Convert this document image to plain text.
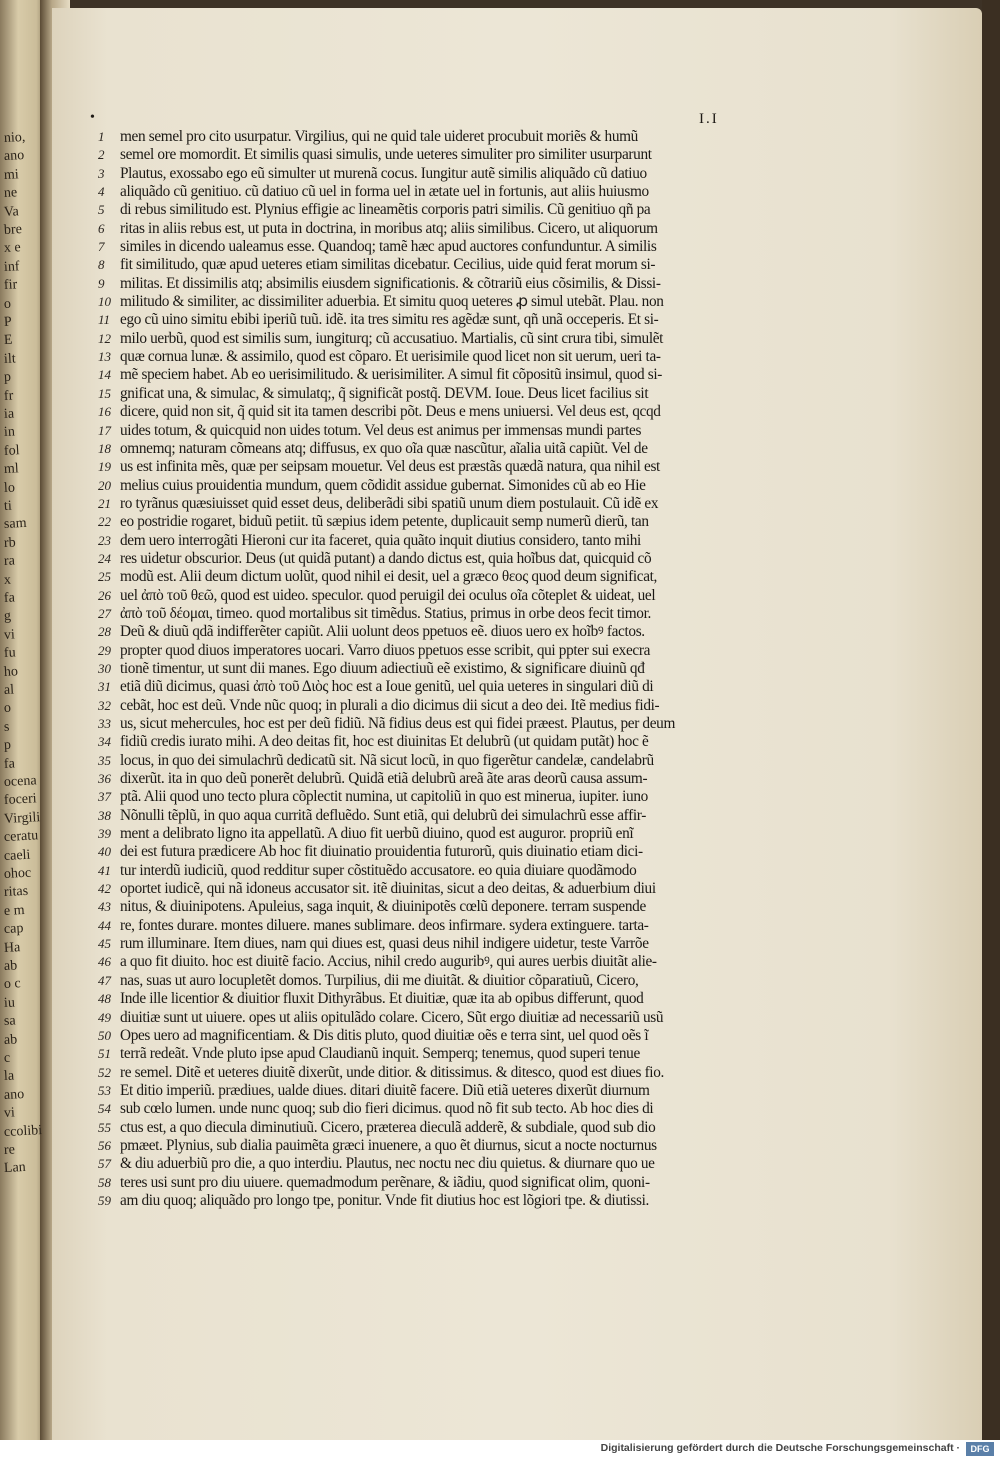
nio,
ano
mi
ne
Va
bre
x e
inf
fir
o
P
E
ilt
p
fr
ia
in
fol
ml
lo
ti
sam
rb
ra
x
fa
g
vi
fu
ho
al
o
s
p
fa
ocena
foceri
Virgili
ceratu
caeli
ohoc
ritas
e m
cap
Ha
ab
o c
iu
sa
ab
c
la
ano
vi
ccolibi
re
Lan
•	I.I
1	men semel pro cito usurpatur. Virgilius, qui ne quid tale uideret procubuit moriẽs & humũ
2	semel ore momordit. Et similis quasi simulis, unde ueteres simuliter pro similiter usurparunt
3	Plautus, exossabo ego eũ simulter ut murenã cocus. Iungitur autẽ similis aliquãdo cũ datiuo
4	aliquãdo cũ genitiuo. cũ datiuo cũ uel in forma uel in ætate uel in fortunis, aut aliis huiusmo
5	di rebus similitudo est. Plynius effigie ac lineamẽtis corporis patri similis. Cũ genitiuo qñ pa
6	ritas in aliis rebus est, ut puta in doctrina, in moribus atq; aliis similibus. Cicero, ut aliquorum
7	similes in dicendo ualeamus esse. Quandoq; tamẽ hæc apud auctores confunduntur. A similis
8	fit similitudo, quæ apud ueteres etiam similitas dicebatur. Cecilius, uide quid ferat morum si-
9	militas. Et dissimilis atq; absimilis eiusdem significationis. & cõtrariũ eius cõsimilis, & Dissi-
10 militudo & similiter, ac dissimiliter aduerbia. Et simitu quoq ueteres ꝓ simul utebãt. Plau. non
11 ego cũ uino simitu ebibi iperiũ tuũ. idẽ. ita tres simitu res agẽdæ sunt, qñ unã occeperis. Et si-
12 milo uerbũ, quod est similis sum, iungiturq; cũ accusatiuo. Martialis, cũ sint crura tibi, simulẽt
13 quæ cornua lunæ. & assimilo, quod est cõparo. Et uerisimile quod licet non sit uerum, ueri ta-
14 mẽ speciem habet. Ab eo uerisimilitudo. & uerisimiliter. A simul fit cõpositũ insimul, quod si-
15 gnificat una, & simulac, & simulatq;, q̃ significãt postq̃. DEVM. Ioue. Deus licet facilius sit
16 dicere, quid non sit, q̃ quid sit ita tamen describi põt. Deus e mens uniuersi. Vel deus est, qcqd
17 uides totum, & quicquid non uides totum. Vel deus est animus per immensas mundi partes
18 omnemq; naturam cõmeans atq; diffusus, ex quo oĩa quæ nascũtur, aĩalia uitã capiũt. Vel de
19 us est infinita mẽs, quæ per seipsam mouetur. Vel deus est præstãs quædã natura, qua nihil est
20 melius cuius prouidentia mundum, quem cõdidit assidue gubernat. Simonides cũ ab eo Hie
21 ro tyrãnus quæsiuisset quid esset deus, deliberãdi sibi spatiũ unum diem postulauit. Cũ idẽ ex
22 eo postridie rogaret, biduũ petiit. tũ sæpius idem petente, duplicauit semp numerũ dierũ, tan
23 dem uero interrogãti Hieroni cur ita faceret, quia quãto inquit diutius considero, tanto mihi
24 res uidetur obscurior. Deus (ut quidã putant) a dando dictus est, quia hoĩbus dat, quicquid cõ
25 modũ est. Alii deum dictum uolũt, quod nihil ei desit, uel a græco θεος quod deum significat,
26 uel ἀπὸ τοῦ θεῶ, quod est uideo. speculor. quod peruigil dei oculus oĩa cõteplet & uideat, uel
27 ἀπὸ τοῦ δέομαι, timeo. quod mortalibus sit timẽdus. Statius, primus in orbe deos fecit timor.
28 Deũ & diuũ qdã indifferẽter capiũt. Alii uolunt deos ppetuos eẽ. diuos uero ex hoĩbꝰ factos.
29 propter quod diuos imperatores uocari. Varro diuos ppetuos esse scribit, qui ppter sui execra
30 tionẽ timentur, ut sunt dii manes. Ego diuum adiectiuũ eẽ existimo, & significare diuinũ qđ
31 etiã diũ dicimus, quasi ἀπὸ τοῦ Διὸς hoc est a Ioue genitũ, uel quia ueteres in singulari diũ di
32 cebãt, hoc est deũ. Vnde nũc quoq; in plurali a dio dicimus dii sicut a deo dei. Itẽ medius fidi-
33 us, sicut mehercules, hoc est per deũ fidiũ. Nã fidius deus est qui fidei præest. Plautus, per deum
34 fidiũ credis iurato mihi. A deo deitas fit, hoc est diuinitas Et delubrũ (ut quidam putãt) hoc ẽ
35 locus, in quo dei simulachrũ dedicatũ sit. Nã sicut locũ, in quo figerẽtur candelæ, candelabrũ
36 dixerũt. ita in quo deũ ponerẽt delubrũ. Quidã etiã delubrũ areã ãte aras deorũ causa assum-
37 ptã. Alii quod uno tecto plura cõplectit numina, ut capitoliũ in quo est minerua, iupiter. iuno
38 Nõnulli tẽplũ, in quo aqua curritã defluẽdo. Sunt etiã, qui delubrũ dei simulachrũ esse affir-
39 ment a delibrato ligno ita appellatũ. A diuo fit uerbũ diuino, quod est auguror. propriũ enĩ
40 dei est futura prædicere Ab hoc fit diuinatio prouidentia futurorũ, quis diuinatio etiam dici-
41 tur interdũ iudiciũ, quod redditur super cõstituẽdo accusatore. eo quia diuiare quodãmodo
42 oportet iudicẽ, qui nã idoneus accusator sit. itẽ diuinitas, sicut a deo deitas, & aduerbium diui
43 nitus, & diuinipotens. Apuleius, saga inquit, & diuinipotẽs cœlũ deponere. terram suspende
44 re, fontes durare. montes diluere. manes sublimare. deos infirmare. sydera extinguere. tarta-
45 rum illuminare. Item diues, nam qui diues est, quasi deus nihil indigere uidetur, teste Varrõe
46 a quo fit diuito. hoc est diuitẽ facio. Accius, nihil credo auguribꝰ, qui aures uerbis diuitãt alie-
47 nas, suas ut auro locupletẽt domos. Turpilius, dii me diuitãt. & diuitior cõparatiuũ, Cicero,
48 Inde ille licentior & diuitior fluxit Dithyrãbus. Et diuitiæ, quæ ita ab opibus differunt, quod
49 diuitiæ sunt ut uiuere. opes ut aliis opitulãdo colare. Cicero, Sũt ergo diuitiæ ad necessariũ usũ
50 Opes uero ad magnificentiam. & Dis ditis pluto, quod diuitiæ oẽs e terra sint, uel quod oẽs ĩ
51 terrã redeãt. Vnde pluto ipse apud Claudianũ inquit. Semperq; tenemus, quod superi tenue
52 re semel. Ditẽ et ueteres diuitẽ dixerũt, unde ditior. & ditissimus. & ditesco, quod est diues fio.
53 Et ditio imperiũ. prædiues, ualde diues. ditari diuitẽ facere. Diũ etiã ueteres dixerũt diurnum
54 sub cœlo lumen. unde nunc quoq; sub dio fieri dicimus. quod nõ fit sub tecto. Ab hoc dies di
55 ctus est, a quo diecula diminutiuũ. Cicero, præterea dieculã adderẽ, & subdiale, quod sub dio
56 pmæet. Plynius, sub dialia pauimẽta græci inuenere, a quo ẽt diurnus, sicut a nocte nocturnus
57 & diu aduerbiũ pro die, a quo interdiu. Plautus, nec noctu nec diu quietus. & diurnare quo ue
58 teres usi sunt pro diu uiuere. quemadmodum perẽnare, & iãdiu, quod significat olim, quoni-
59 am diu quoq; aliquãdo pro longo tpe, ponitur. Vnde fit diutius hoc est lõgiori tpe. & diutissi.
Digitalisierung gefördert durch die Deutsche Forschungsgemeinschaft ·	DFG
